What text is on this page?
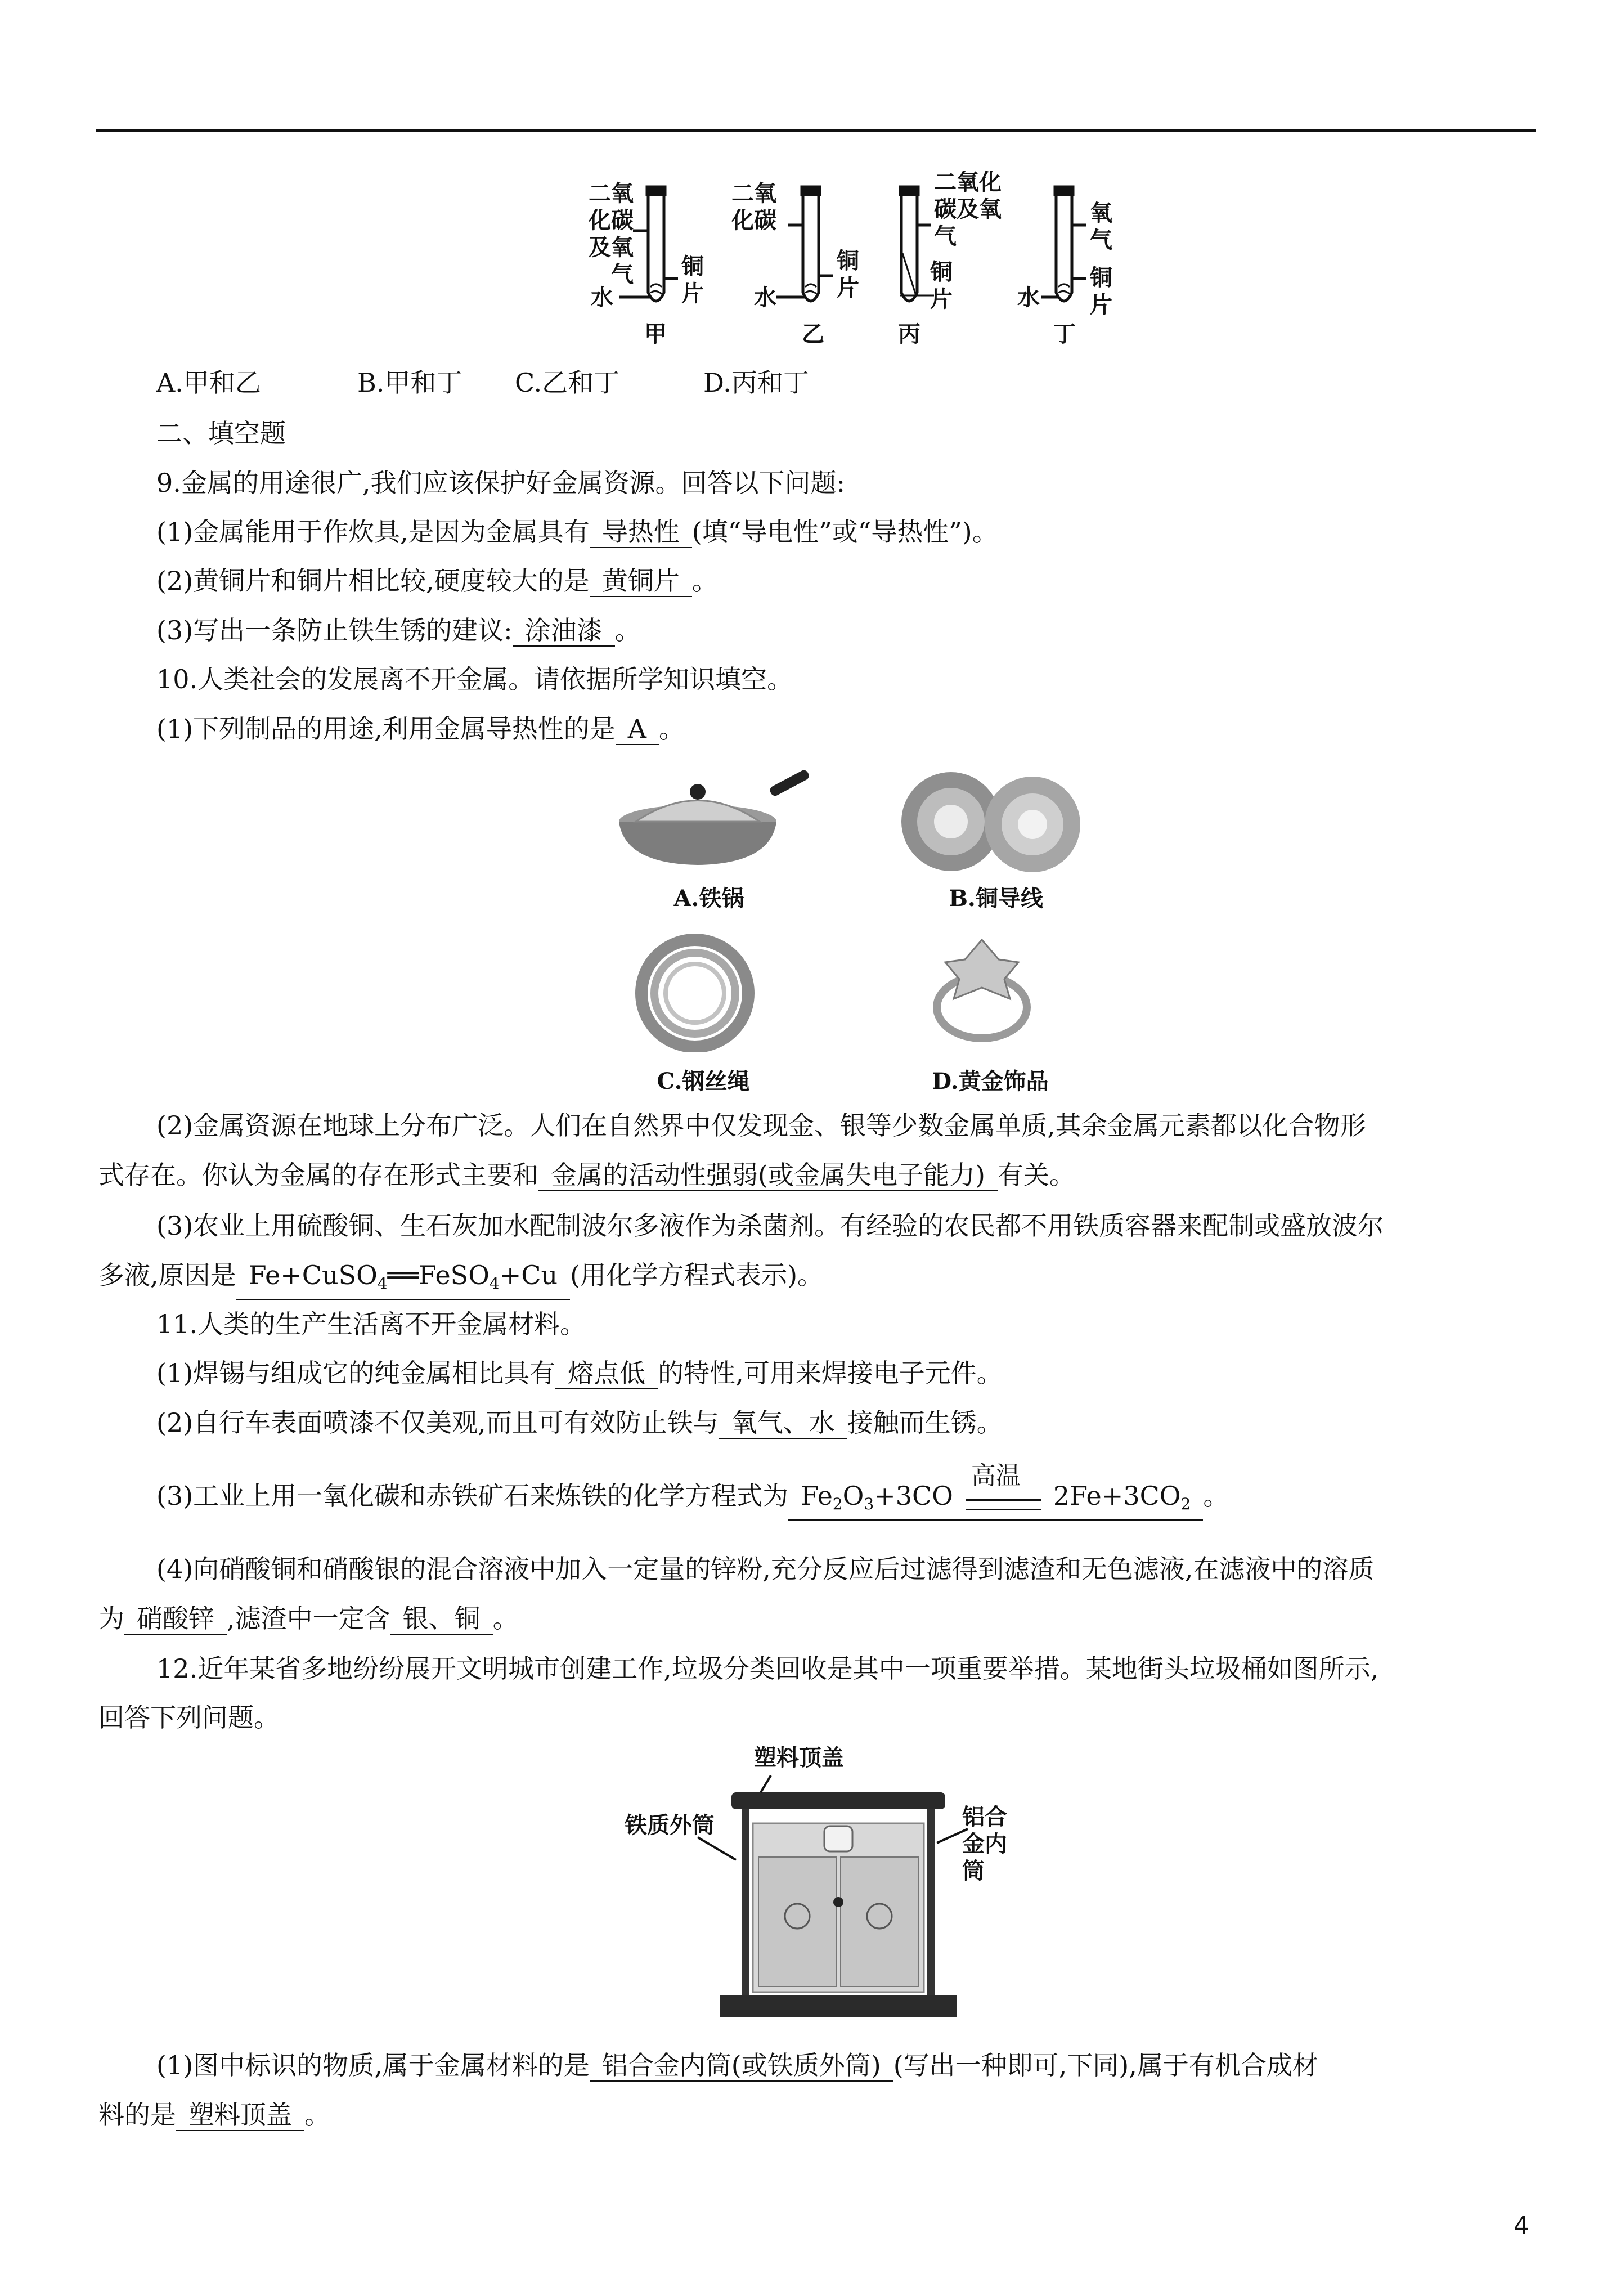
二氧化碳及氧气 铜片
水
甲
二氧化碳
铜片
水
乙
二氧化碳及氧气
铜片
丙
氧气
铜片
水
丁
A.甲和乙	B.甲和丁 C.乙和丁	D.丙和丁
二、填空题
9.金属的用途很广,我们应该保护好金属资源。回答以下问题:
(1)金属能用于作炊具,是因为金属具有 导热性 (填“导电性”或“导热性”)。
(2)黄铜片和铜片相比较,硬度较大的是 黄铜片 。
(3)写出一条防止铁生锈的建议: 涂油漆 。
10.人类社会的发展离不开金属。请依据所学知识填空。
(1)下列制品的用途,利用金属导热性的是 A 。
A.铁锅	B.铜导线
C.钢丝绳	D.黄金饰品
(2)金属资源在地球上分布广泛。人们在自然界中仅发现金、银等少数金属单质,其余金属元素都以化合物形
式存在。你认为金属的存在形式主要和 金属的活动性强弱(或金属失电子能力) 有关。
(3)农业上用硫酸铜、生石灰加水配制波尔多液作为杀菌剂。有经验的农民都不用铁质容器来配制或盛放波尔
多液,原因是 Fe+CuSO$_4$══FeSO$_4$+Cu (用化学方程式表示)。
11.人类的生产生活离不开金属材料。
(1)焊锡与组成它的纯金属相比具有 熔点低 的特性,可用来焊接电子元件。
(2)自行车表面喷漆不仅美观,而且可有效防止铁与 氧气、水 接触而生锈。
(3)工业上用一氧化碳和赤铁矿石来炼铁的化学方程式为 $Fe_2O_3+3CO$
高温
$2Fe+3CO_2$ 。
(4)向硝酸铜和硝酸银的混合溶液中加入一定量的锌粉,充分反应后过滤得到滤渣和无色滤液,在滤液中的溶质
为 硝酸锌 ,滤渣中一定含 银、铜 。
12.近年某省多地纷纷展开文明城市创建工作,垃圾分类回收是其中一项重要举措。某地街头垃圾桶如图所示,
回答下列问题。
塑料顶盖
铁质外筒	铝合金内筒
(1)图中标识的物质,属于金属材料的是 铝合金内筒(或铁质外筒) (写出一种即可,下同),属于有机合成材
料的是 塑料顶盖 。
4
